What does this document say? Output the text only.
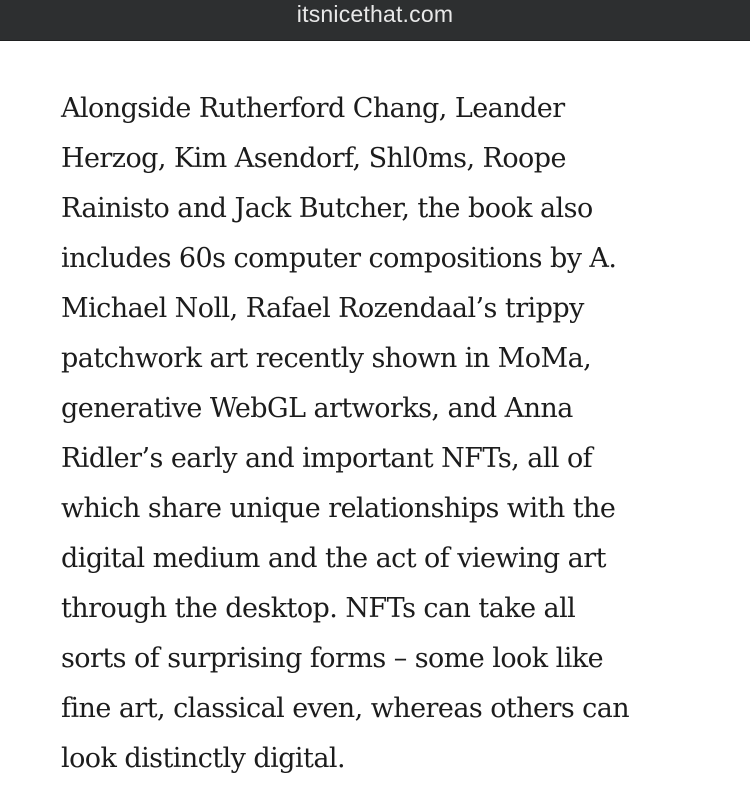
itsnicethat.com
Alongside Rutherford Chang, Leander
Herzog, Kim Asendorf, Shl0ms, Roope
Rainisto and Jack Butcher, the book also
includes 60s computer compositions by A.
Michael Noll, Rafael Rozendaal’s trippy
patchwork art recently shown in MoMa,
generative WebGL artworks, and Anna
Ridler’s early and important NFTs, all of
which share unique relationships with the
digital medium and the act of viewing art
through the desktop. NFTs can take all
sorts of surprising forms – some look like
fine art, classical even, whereas others can
look distinctly digital.
